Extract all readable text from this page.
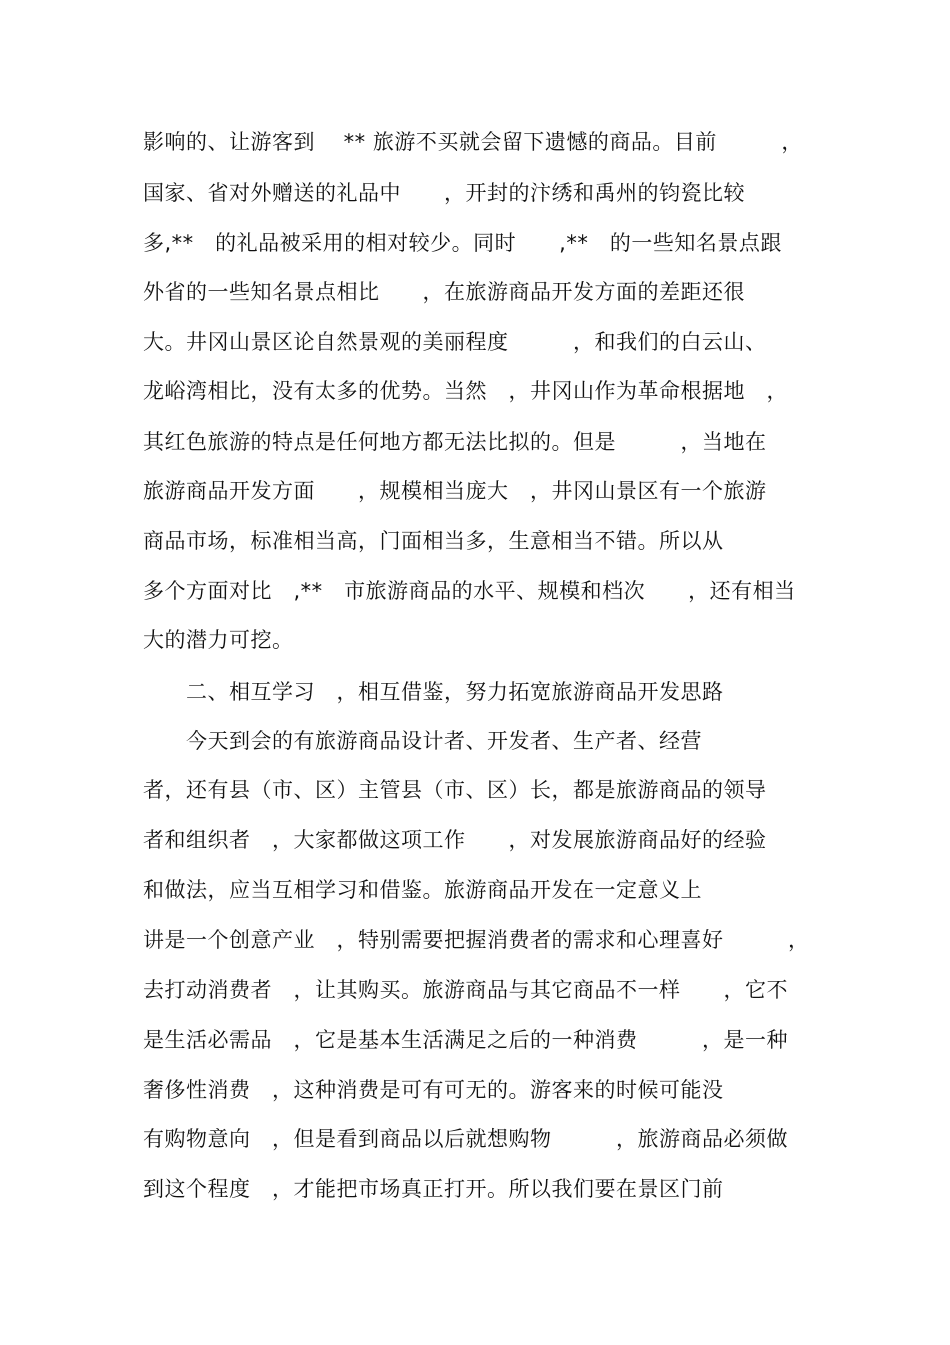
影响的、让游客到　 ** 旅游不买就会留下遗憾的商品。目前　　　，
国家、省对外赠送的礼品中　　，开封的汴绣和禹州的钧瓷比较
多,**　的礼品被采用的相对较少。同时　　,**　的一些知名景点跟
外省的一些知名景点相比　　，在旅游商品开发方面的差距还很
大。井冈山景区论自然景观的美丽程度　　　，和我们的白云山、
龙峪湾相比，没有太多的优势。当然　，井冈山作为革命根据地　，
其红色旅游的特点是任何地方都无法比拟的。但是　　　，当地在
旅游商品开发方面　　，规模相当庞大　，井冈山景区有一个旅游
商品市场，标准相当高，门面相当多，生意相当不错。所以从
多个方面对比　,**　市旅游商品的水平、规模和档次　　，还有相当
大的潜力可挖。
　　二、相互学习　，相互借鉴，努力拓宽旅游商品开发思路
　　今天到会的有旅游商品设计者、开发者、生产者、经营
者，还有县（市、区）主管县（市、区）长，都是旅游商品的领导
者和组织者　，大家都做这项工作　　，对发展旅游商品好的经验
和做法，应当互相学习和借鉴。旅游商品开发在一定意义上
讲是一个创意产业　，特别需要把握消费者的需求和心理喜好　　　，
去打动消费者　，让其购买。旅游商品与其它商品不一样　　，它不
是生活必需品　，它是基本生活满足之后的一种消费　　　，是一种
奢侈性消费　，这种消费是可有可无的。游客来的时候可能没
有购物意向　，但是看到商品以后就想购物　　　，旅游商品必须做
到这个程度　，才能把市场真正打开。所以我们要在景区门前
